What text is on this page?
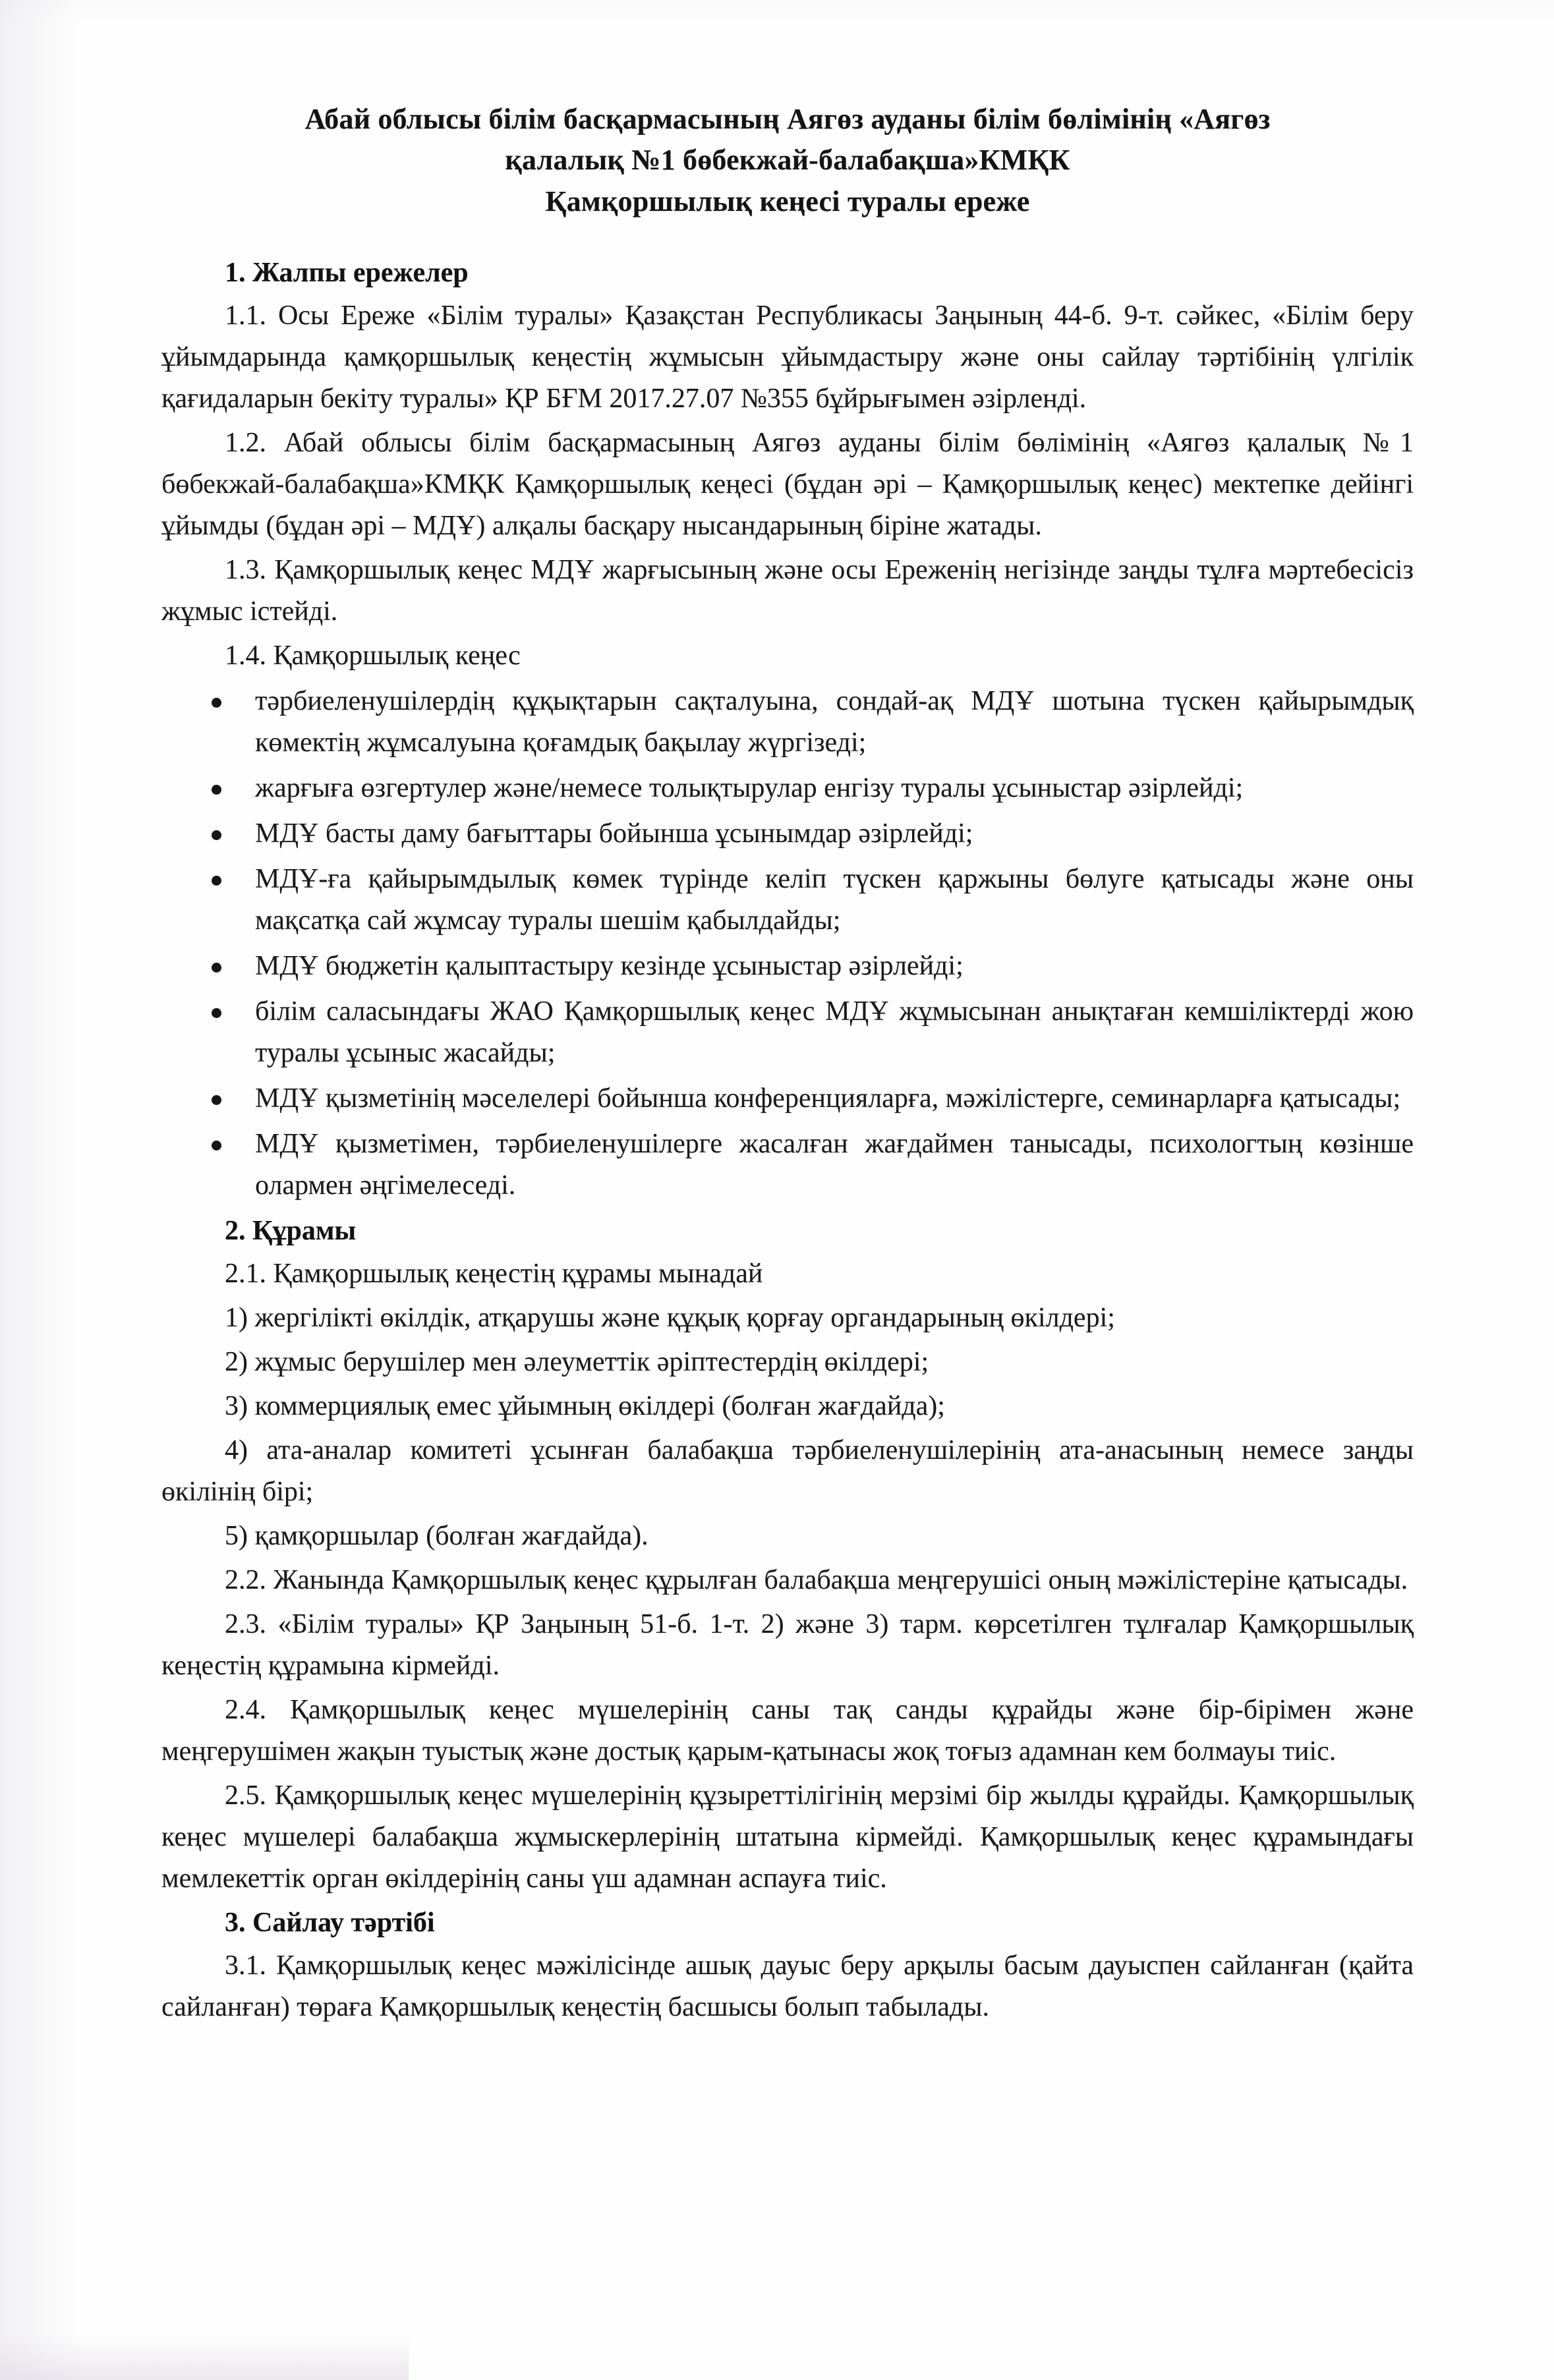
Абай облысы білім басқармасының Аягөз ауданы білім бөлімінің «Аягөз
қалалық №1 бөбекжай-балабақша»КМҚК
Қамқоршылық кеңесі туралы ереже
1. Жалпы ережелер

1.1. Осы Ереже «Білім туралы» Қазақстан Республикасы Заңының 44-б. 9-т. сәйкес, «Білім беру ұйымдарында қамқоршылық кеңестің жұмысын ұйымдастыру және оны сайлау тәртібінің үлгілік қағидаларын бекіту туралы» ҚР БҒМ 2017.27.07 №355 бұйрығымен әзірленді.

1.2. Абай облысы білім басқармасының Аягөз ауданы білім бөлімінің «Аягөз қалалық №1 бөбекжай-балабақша»КМҚК Қамқоршылық кеңесі (бұдан әрі – Қамқоршылық кеңес) мектепке дейінгі ұйымды (бұдан әрі – МДҰ) алқалы басқару нысандарының біріне жатады.

1.3. Қамқоршылық кеңес МДҰ жарғысының және осы Ереженің негізінде заңды тұлға мәртебесісіз жұмыс істейді.

1.4. Қамқоршылық кеңес

тәрбиеленушілердің құқықтарын сақталуына, сондай-ақ МДҰ шотына түскен қайырымдық көмектің жұмсалуына қоғамдық бақылау жүргізеді;
жарғыға өзгертулер және/немесе толықтырулар енгізу туралы ұсыныстар әзірлейді;
МДҰ басты даму бағыттары бойынша ұсынымдар әзірлейді;
МДҰ-ға қайырымдылық көмек түрінде келіп түскен қаржыны бөлуге қатысады және оны мақсатқа сай жұмсау туралы шешім қабылдайды;
МДҰ бюджетін қалыптастыру кезінде ұсыныстар әзірлейді;
білім саласындағы ЖАО Қамқоршылық кеңес МДҰ жұмысынан анықтаған кемшіліктерді жою туралы ұсыныс жасайды;
МДҰ қызметінің мәселелері бойынша конференцияларға, мәжілістерге, семинарларға қатысады;
МДҰ қызметімен, тәрбиеленушілерге жасалған жағдаймен танысады, психологтың көзінше олармен әңгімелеседі.
2. Құрамы

2.1. Қамқоршылық кеңестің құрамы мынадай

1) жергілікті өкілдік, атқарушы және құқық қорғау органдарының өкілдері;

2) жұмыс берушілер мен әлеуметтік әріптестердің өкілдері;

3) коммерциялық емес ұйымның өкілдері (болған жағдайда);

4) ата-аналар комитеті ұсынған балабақша тәрбиеленушілерінің ата-анасының немесе заңды өкілінің бірі;

5) қамқоршылар (болған жағдайда).

2.2. Жанында Қамқоршылық кеңес құрылған балабақша меңгерушісі оның мәжілістеріне қатысады.

2.3. «Білім туралы» ҚР Заңының 51-б. 1-т. 2) және 3) тарм. көрсетілген тұлғалар Қамқоршылық кеңестің құрамына кірмейді.

2.4. Қамқоршылық кеңес мүшелерінің саны тақ санды құрайды және бір-бірімен және меңгерушімен жақын туыстық және достық қарым-қатынасы жоқ тоғыз адамнан кем болмауы тиіс.

2.5. Қамқоршылық кеңес мүшелерінің құзыреттілігінің мерзімі бір жылды құрайды. Қамқоршылық кеңес мүшелері балабақша жұмыскерлерінің штатына кірмейді. Қамқоршылық кеңес құрамындағы мемлекеттік орган өкілдерінің саны үш адамнан аспауға тиіс.

3. Сайлау тәртібі

3.1. Қамқоршылық кеңес мәжілісінде ашық дауыс беру арқылы басым дауыспен сайланған (қайта сайланған) төраға Қамқоршылық кеңестің басшысы болып табылады.
